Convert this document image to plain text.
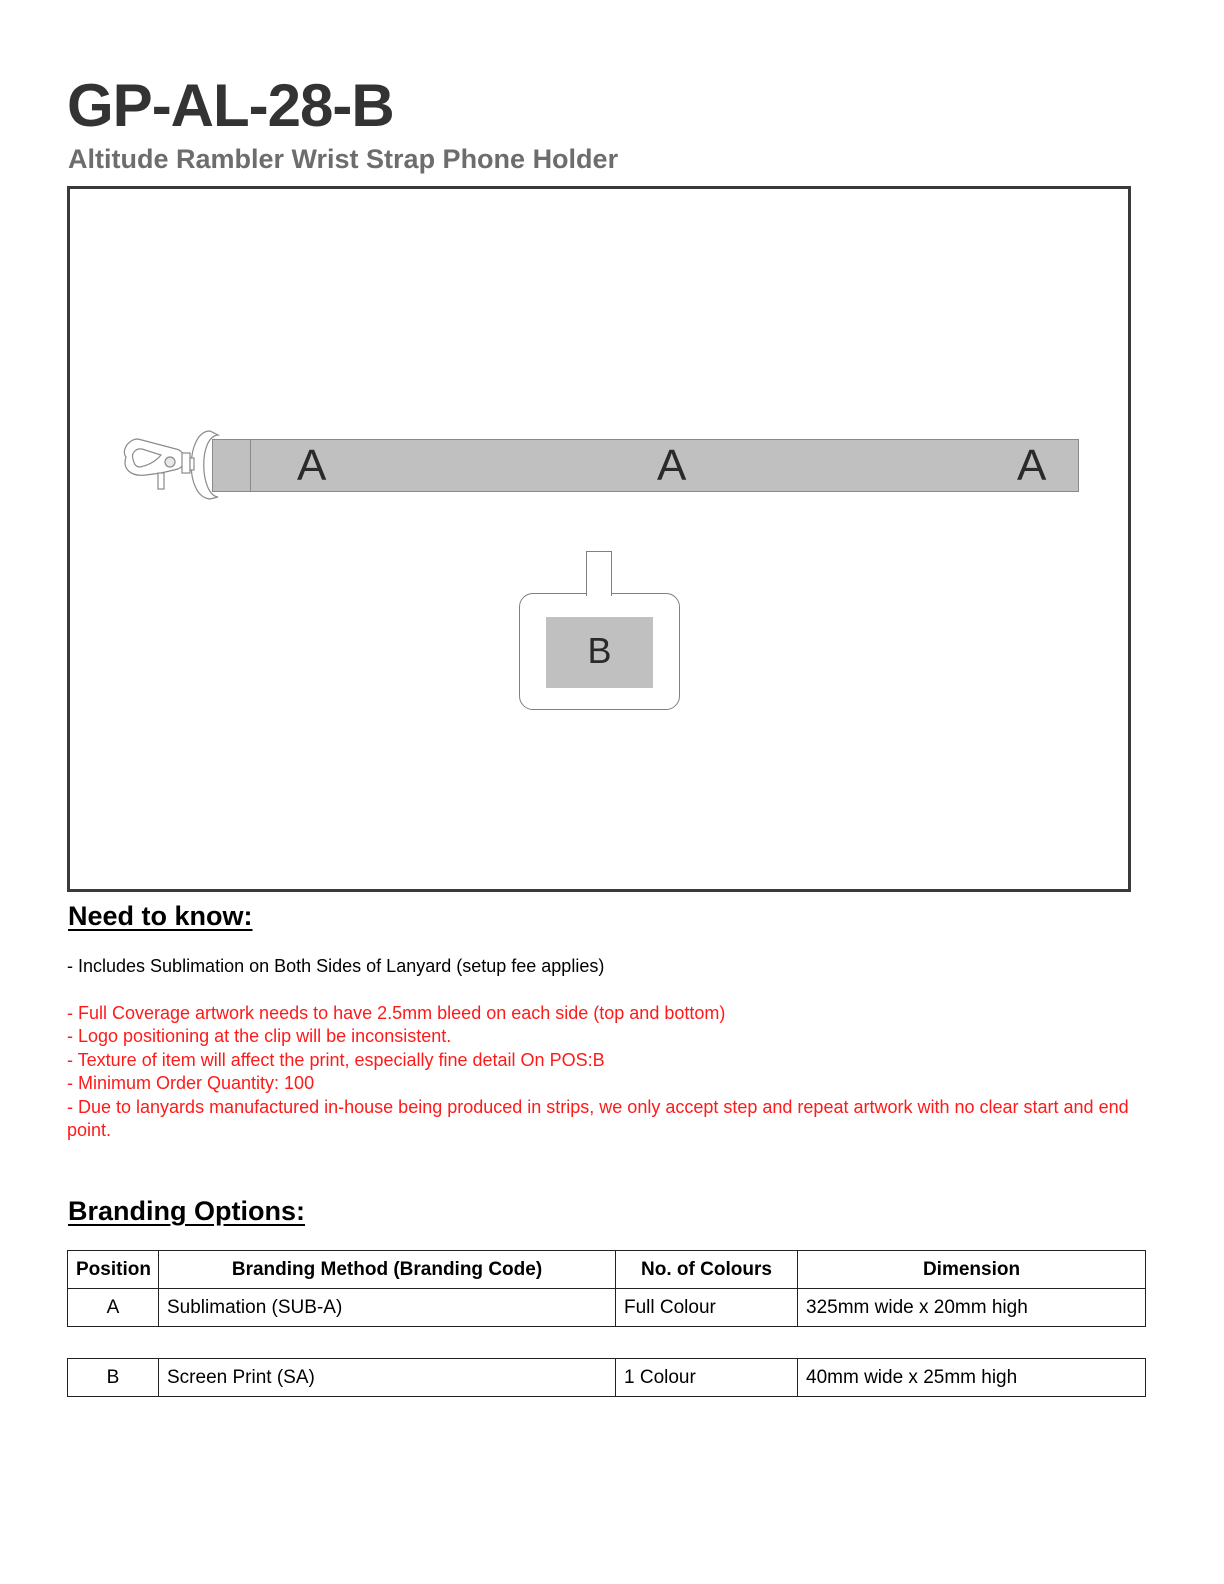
GP-AL-28-B
Altitude Rambler Wrist Strap Phone Holder
A	A	A
B
Need to know:

- Includes Sublimation on Both Sides of Lanyard (setup fee applies)

- Full Coverage artwork needs to have 2.5mm bleed on each side (top and bottom)

- Logo positioning at the clip will be inconsistent.

- Texture of item will affect the print, especially fine detail On POS:B

- Minimum Order Quantity: 100

- Due to lanyards manufactured in-house being produced in strips, we only accept step and repeat artwork with no clear start and end point.

Branding Options:
Position	Branding Method (Branding Code)	No. of Colours	Dimension
A	Sublimation (SUB-A)	Full Colour	325mm wide x 20mm high
B	Screen Print (SA)	1 Colour	40mm wide x 25mm high
